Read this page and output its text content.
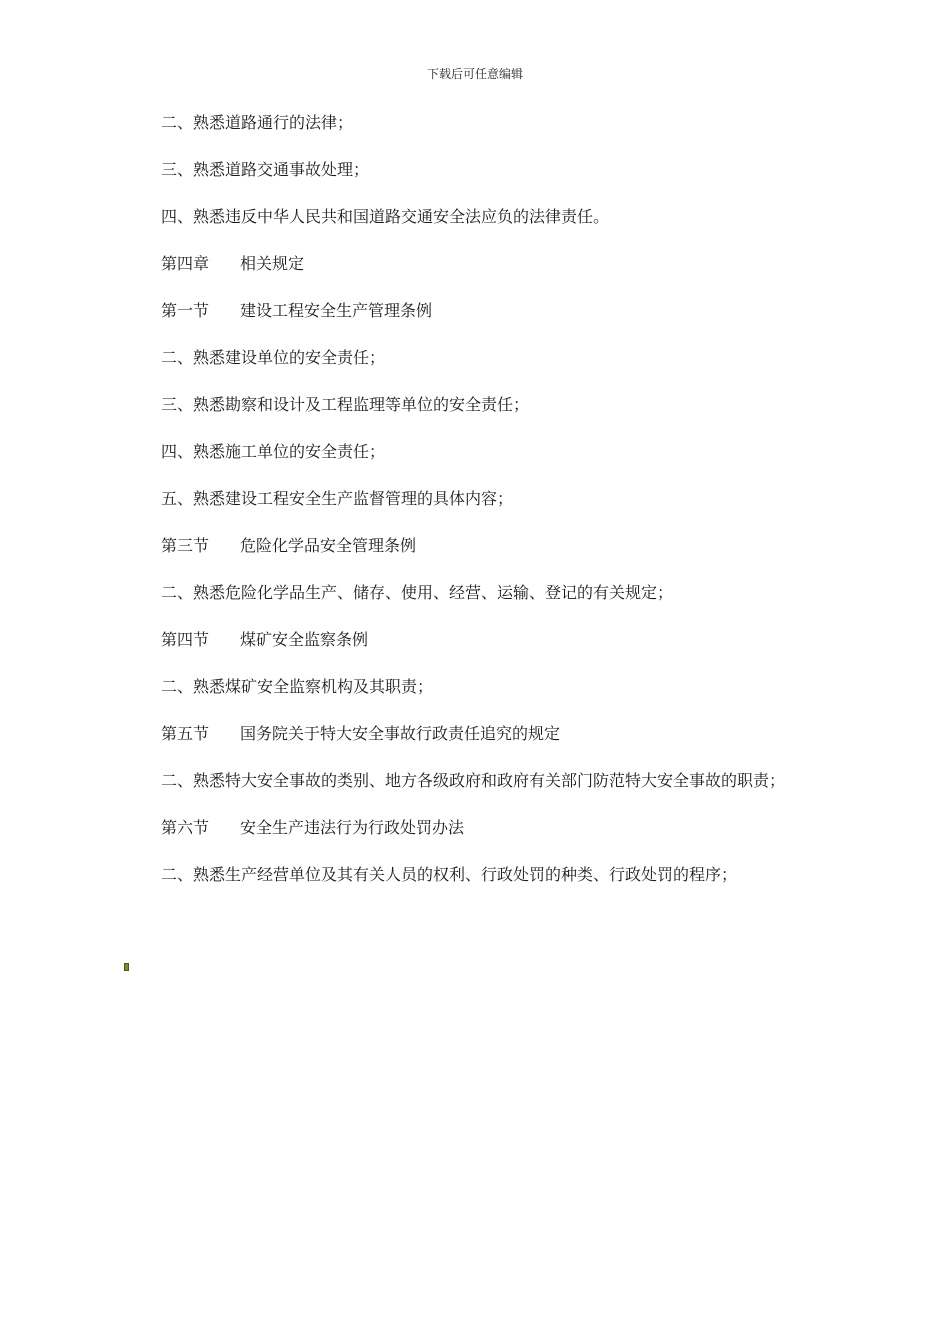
下载后可任意编辑

二、熟悉道路通行的法律；

三、熟悉道路交通事故处理；

四、熟悉违反中华人民共和国道路交通安全法应负的法律责任。

第四章 相关规定

第一节 建设工程安全生产管理条例

二、熟悉建设单位的安全责任；

三、熟悉勘察和设计及工程监理等单位的安全责任；

四、熟悉施工单位的安全责任；

五、熟悉建设工程安全生产监督管理的具体内容；

第三节 危险化学品安全管理条例

二、熟悉危险化学品生产、储存、使用、经营、运输、登记的有关规定；

第四节 煤矿安全监察条例

二、熟悉煤矿安全监察机构及其职责；

第五节 国务院关于特大安全事故行政责任追究的规定

二、熟悉特大安全事故的类别、地方各级政府和政府有关部门防范特大安全事故的职责；

第六节 安全生产违法行为行政处罚办法

二、熟悉生产经营单位及其有关人员的权利、行政处罚的种类、行政处罚的程序；
